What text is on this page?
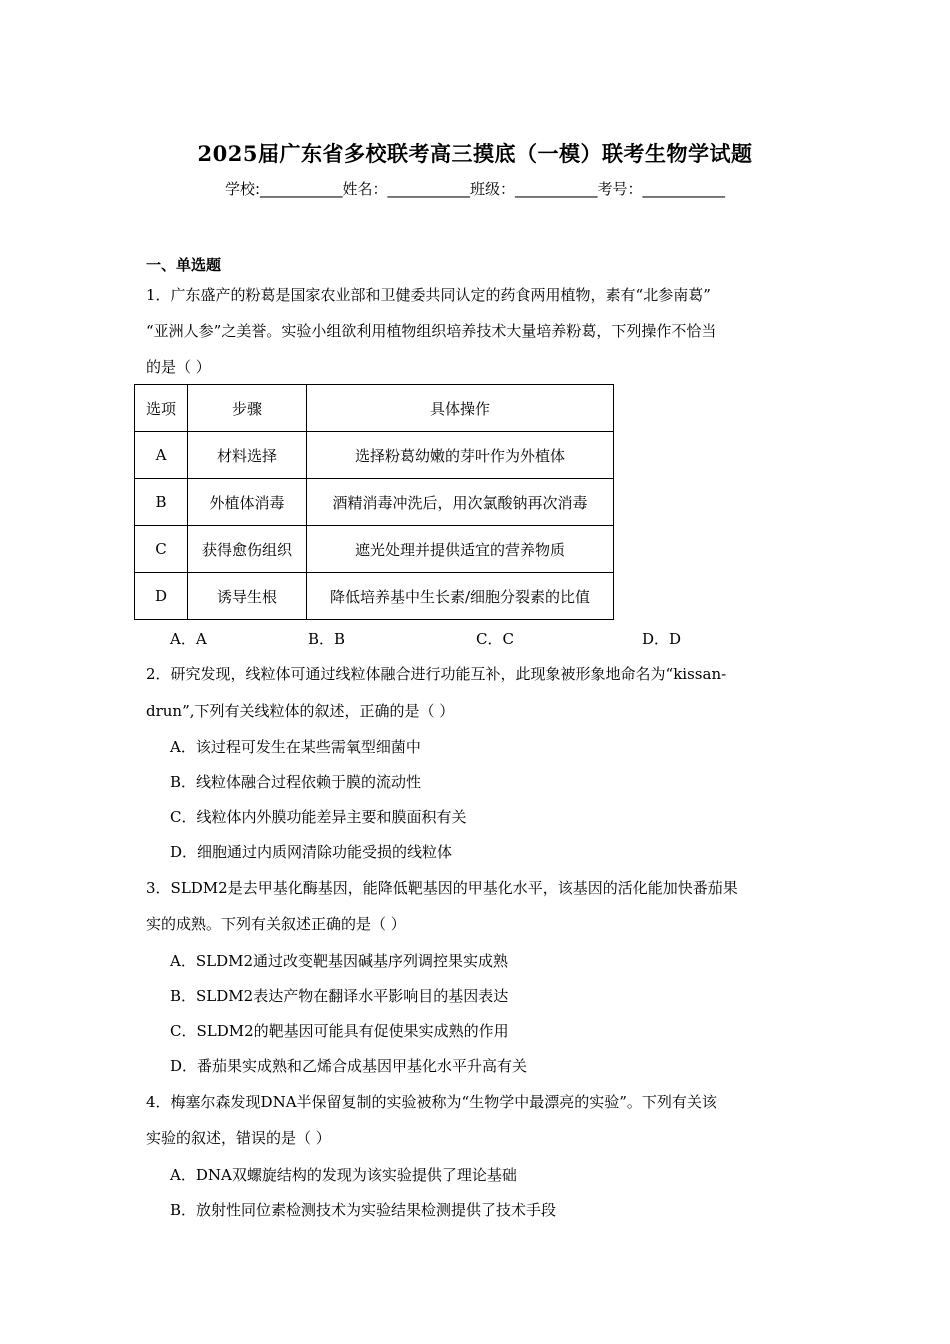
2025届广东省多校联考高三摸底（一模）联考生物学试题
学校:___________姓名：___________班级：___________考号：___________
一、单选题
1．广东盛产的粉葛是国家农业部和卫健委共同认定的药食两用植物，素有“北参南葛”
“亚洲人参”之美誉。实验小组欲利用植物组织培养技术大量培养粉葛，下列操作不恰当
的是（ ）
选项	步骤	具体操作
A	材料选择	选择粉葛幼嫩的芽叶作为外植体
B	外植体消毒	酒精消毒冲洗后，用次氯酸钠再次消毒
C	获得愈伤组织	遮光处理并提供适宜的营养物质
D	诱导生根	降低培养基中生长素/细胞分裂素的比值
A．A	B．B	C．C	D．D
2．研究发现，线粒体可通过线粒体融合进行功能互补，此现象被形象地命名为“kissan-
drun”,下列有关线粒体的叙述，正确的是（ ）
A．该过程可发生在某些需氧型细菌中
B．线粒体融合过程依赖于膜的流动性
C．线粒体内外膜功能差异主要和膜面积有关
D．细胞通过内质网清除功能受损的线粒体
3．SLDM2是去甲基化酶基因，能降低靶基因的甲基化水平，该基因的活化能加快番茄果
实的成熟。下列有关叙述正确的是（ ）
A．SLDM2通过改变靶基因碱基序列调控果实成熟
B．SLDM2表达产物在翻译水平影响目的基因表达
C．SLDM2的靶基因可能具有促使果实成熟的作用
D．番茄果实成熟和乙烯合成基因甲基化水平升高有关
4．梅塞尔森发现DNA半保留复制的实验被称为“生物学中最漂亮的实验”。下列有关该
实验的叙述，错误的是（ ）
A．DNA双螺旋结构的发现为该实验提供了理论基础
B．放射性同位素检测技术为实验结果检测提供了技术手段
